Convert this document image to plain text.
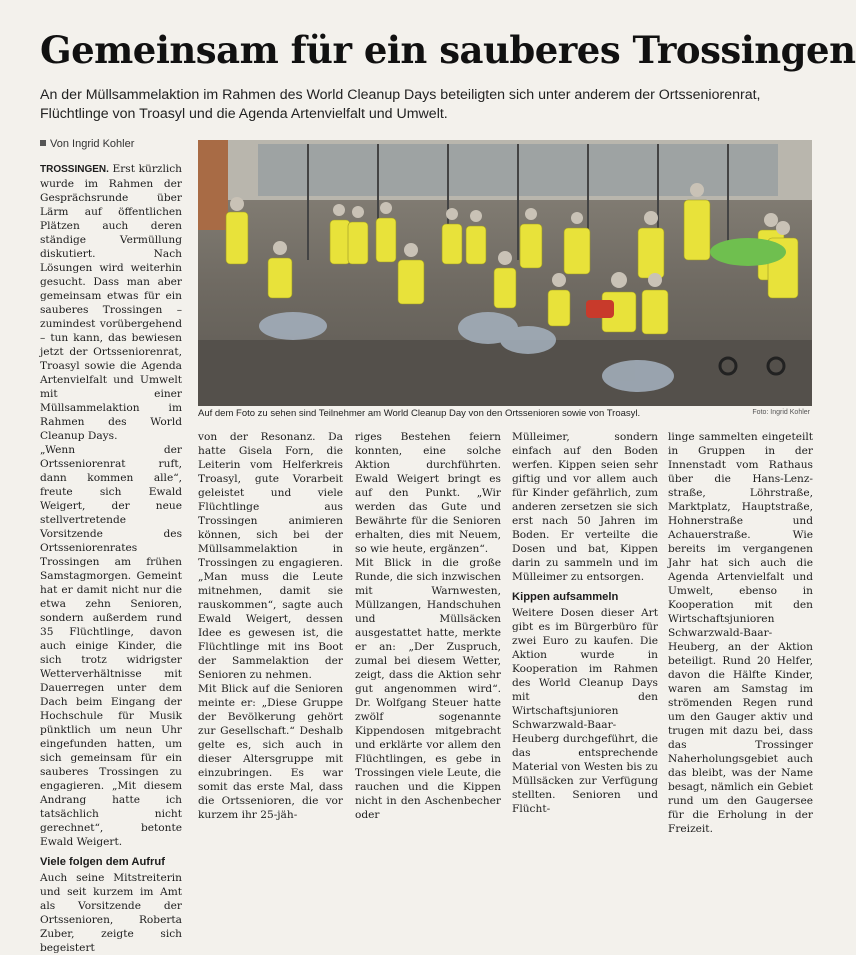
Gemeinsam für ein sauberes Trossingen
An der Müllsammelaktion im Rahmen des World Cleanup Days beteiligten sich unter anderem der Ortsseniorenrat, Flüchtlinge von Troasyl und die Agenda Artenvielfalt und Umwelt.
Von Ingrid Kohler
Auf dem Foto zu sehen sind Teilnehmer am World Cleanup Day von den Ortssenioren sowie von Troasyl.	Foto: Ingrid Kohler

TROSSINGEN. Erst kürzlich wurde im Rahmen der Gesprächsrunde über Lärm auf öffentlichen Plätzen auch deren ständige Vermüllung diskutiert. Nach Lösungen wird weiterhin gesucht. Dass man aber gemeinsam etwas für ein sauberes Trossingen – zumindest vorübergehend – tun kann, das bewiesen jetzt der Ortsseniorenrat, Troasyl sowie die Agenda Artenvielfalt und Umwelt mit einer Müllsammelaktion im Rahmen des World Cleanup Days.

„Wenn der Ortsseniorenrat ruft, dann kommen alle“, freute sich Ewald Weigert, der neue stellvertretende Vorsitzende des Ortsseniorenrates Trossingen am frühen Samstagmorgen. Gemeint hat er damit nicht nur die etwa zehn Senioren, sondern außerdem rund 35 Flüchtlinge, davon auch einige Kinder, die sich trotz widrigster Wetterverhältnisse mit Dauerregen unter dem Dach beim Eingang der Hochschule für Musik pünktlich um neun Uhr eingefunden hatten, um sich gemeinsam für ein sauberes Trossingen zu engagieren. „Mit diesem Andrang hatte ich tatsächlich nicht gerechnet“, betonte Ewald Weigert.

Viele folgen dem Aufruf

Auch seine Mitstreiterin und seit kurzem im Amt als Vorsitzende der Ortssenioren, Roberta Zuber, zeigte sich begeistert

von der Resonanz. Da hatte Gisela Forn, die Leiterin vom Helferkreis Troasyl, gute Vorarbeit geleistet und viele Flüchtlinge aus Trossingen animieren können, sich bei der Müllsammelaktion in Trossingen zu engagieren. „Man muss die Leute mitnehmen, damit sie rauskommen“, sagte auch Ewald Weigert, dessen Idee es gewesen ist, die Flüchtlinge mit ins Boot der Sammelaktion der Senioren zu nehmen.

Mit Blick auf die Senioren meinte er: „Diese Gruppe der Bevölkerung gehört zur Gesellschaft.“ Deshalb gelte es, sich auch in dieser Altersgruppe mit einzubringen. Es war somit das erste Mal, dass die Ortssenioren, die vor kurzem ihr 25-jäh-

riges Bestehen feiern konnten, eine solche Aktion durchführten. Ewald Weigert bringt es auf den Punkt. „Wir werden das Gute und Bewährte für die Senioren erhalten, dies mit Neuem, so wie heute, ergänzen“.

Mit Blick in die große Runde, die sich inzwischen mit Warnwesten, Müllzangen, Handschuhen und Müllsäcken ausgestattet hatte, merkte er an: „Der Zuspruch, zumal bei diesem Wetter, zeigt, dass die Aktion sehr gut angenommen wird“. Dr. Wolfgang Steuer hatte zwölf sogenannte Kippendosen mitgebracht und erklärte vor allem den Flüchtlingen, es gebe in Trossingen viele Leute, die rauchen und die Kippen nicht in den Aschenbecher oder

Mülleimer, sondern einfach auf den Boden werfen. Kippen seien sehr giftig und vor allem auch für Kinder gefährlich, zum anderen zersetzen sie sich erst nach 50 Jahren im Boden. Er verteilte die Dosen und bat, Kippen darin zu sammeln und im Mülleimer zu entsorgen.

Kippen aufsammeln

Weitere Dosen dieser Art gibt es im Bürgerbüro für zwei Euro zu kaufen. Die Aktion wurde in Kooperation im Rahmen des World Cleanup Days mit den Wirtschaftsjunioren Schwarzwald-Baar-Heuberg durchgeführt, die das entsprechende Material von Westen bis zu Müllsäcken zur Verfügung stellten. Senioren und Flücht-

linge sammelten eingeteilt in Gruppen in der Innenstadt vom Rathaus über die Hans-Lenz-straße, Löhrstraße, Marktplatz, Hauptstraße, Hohnerstraße und Achauerstraße. Wie bereits im vergangenen Jahr hat sich auch die Agenda Artenvielfalt und Umwelt, ebenso in Kooperation mit den Wirtschaftsjunioren Schwarzwald-Baar-Heuberg, an der Aktion beteiligt. Rund 20 Helfer, davon die Hälfte Kinder, waren am Samstag im strömenden Regen rund um den Gauger aktiv und trugen mit dazu bei, dass das Trossinger Naherholungsgebiet auch das bleibt, was der Name besagt, nämlich ein Gebiet rund um den Gaugersee für die Erholung in der Freizeit.
